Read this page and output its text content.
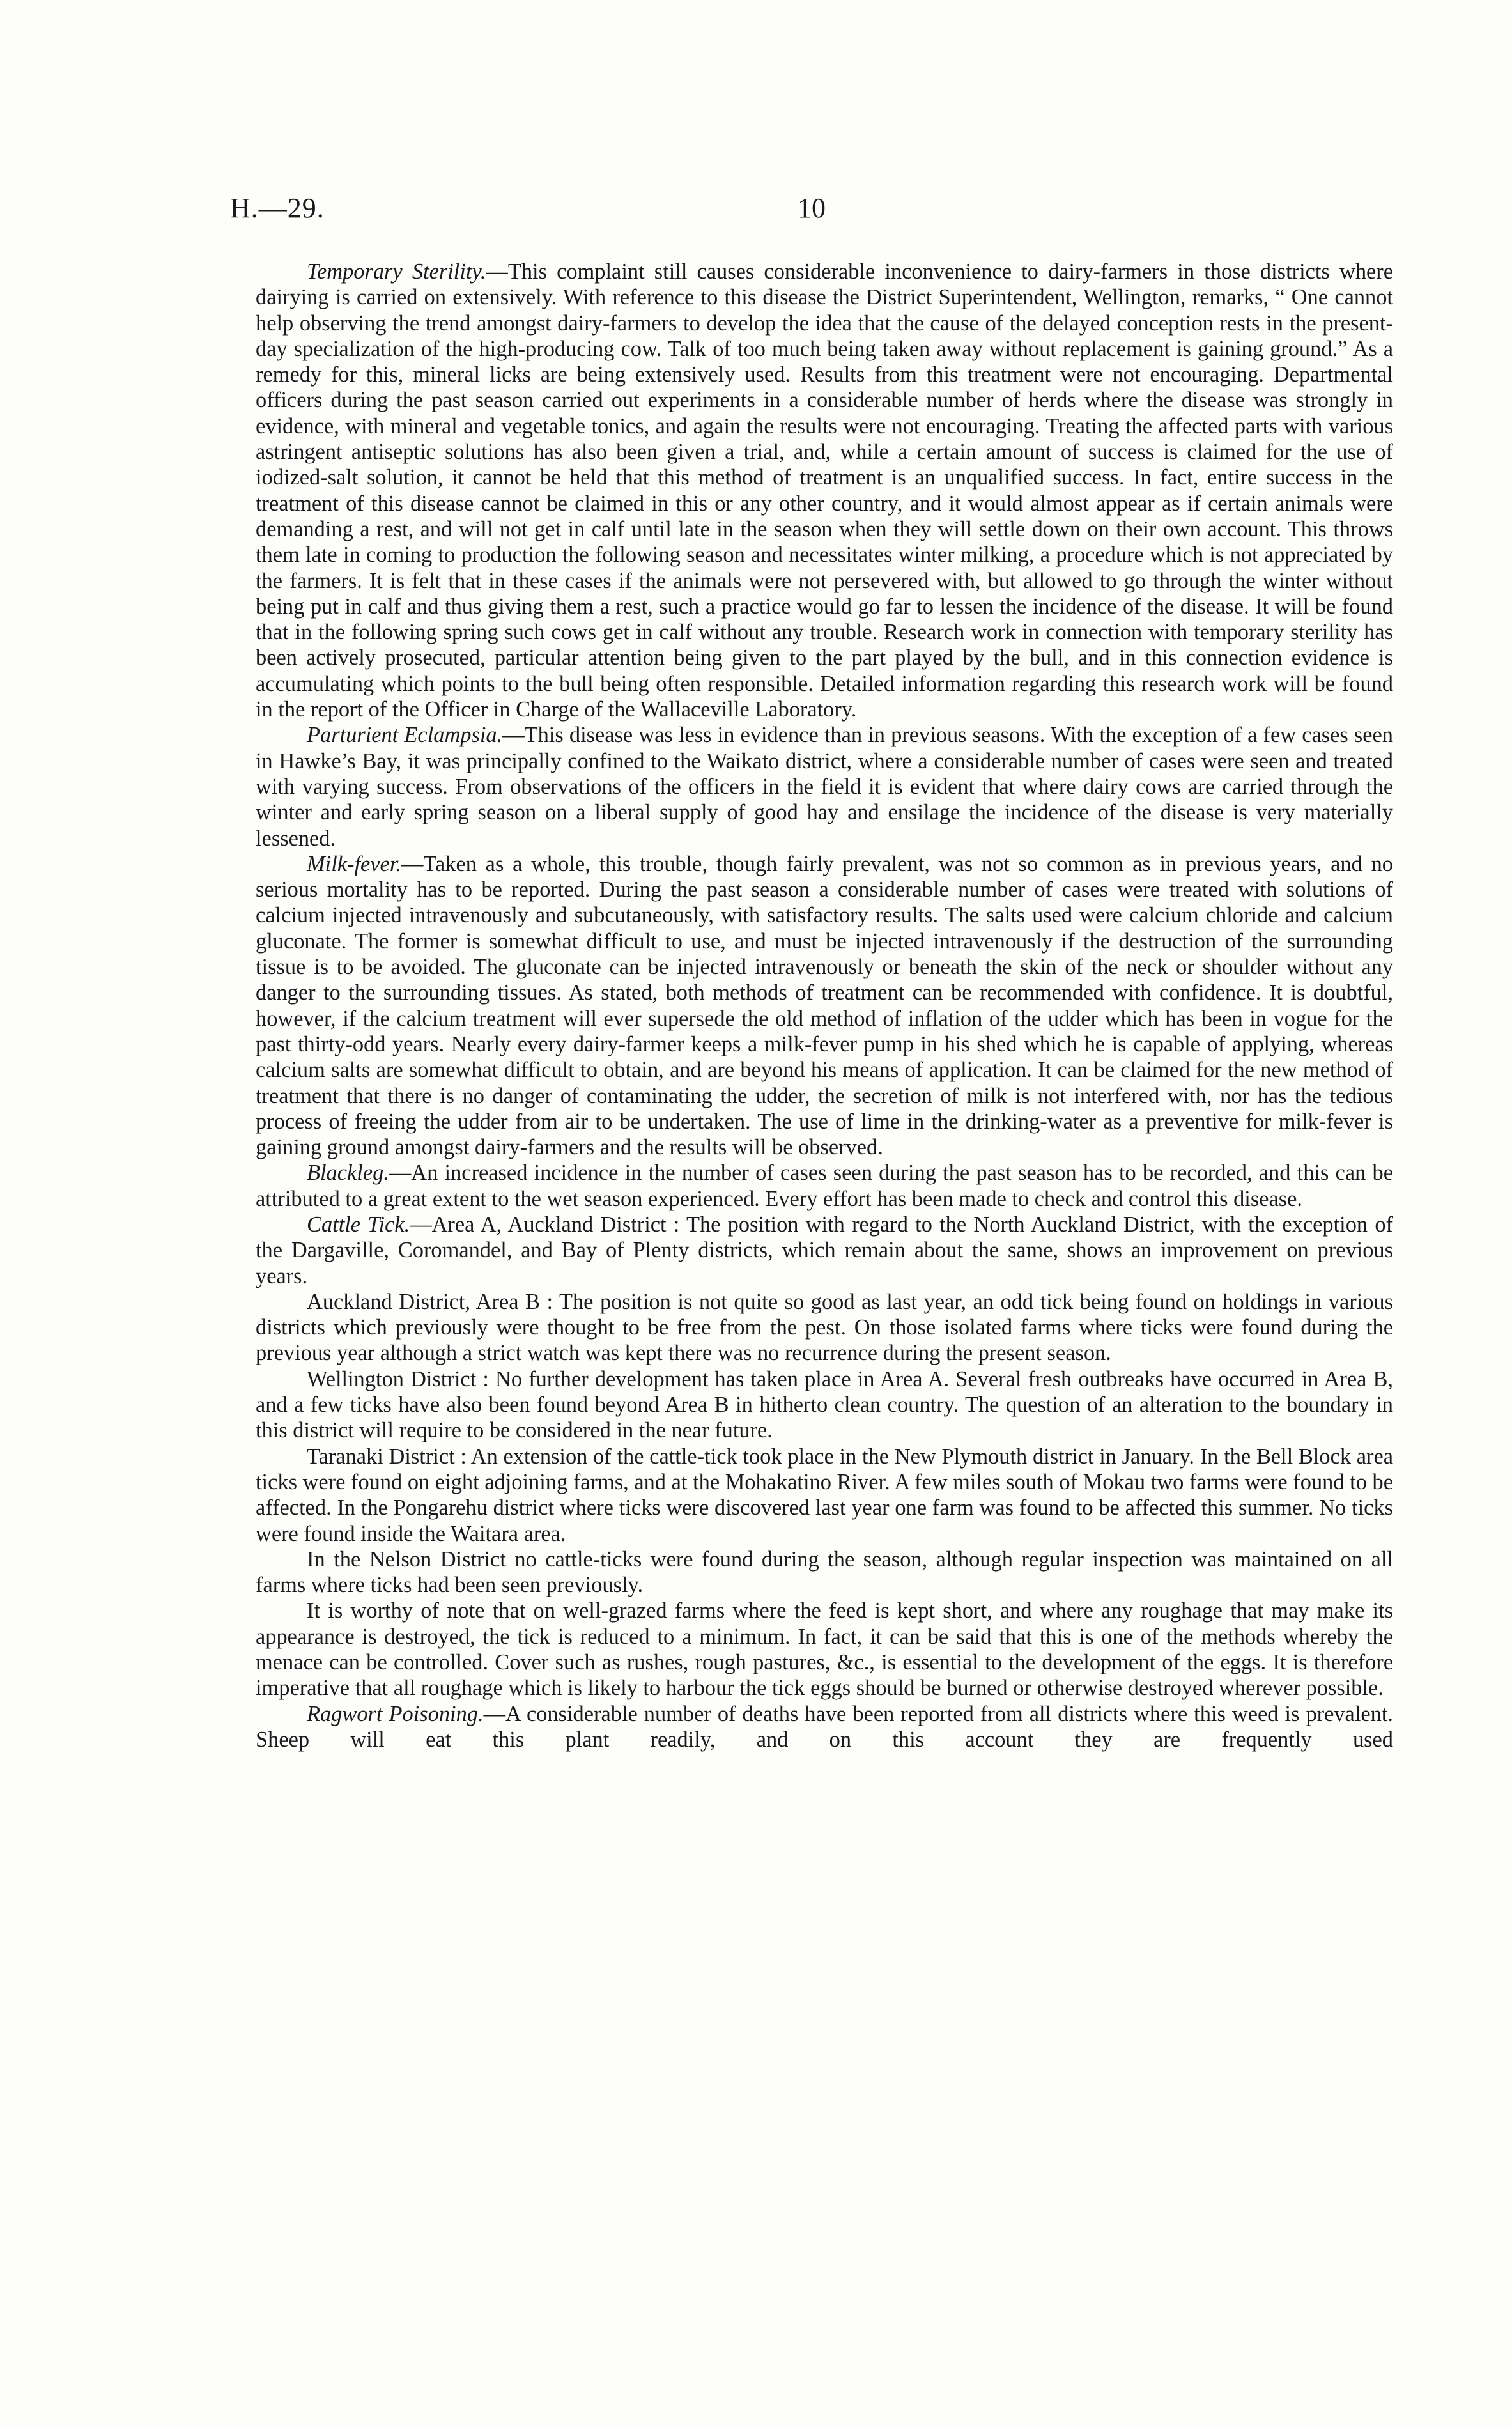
H.—29.	10

Temporary Sterility.—This complaint still causes considerable inconvenience to dairy-farmers in those districts where dairying is carried on extensively. With reference to this disease the District Superintendent, Wellington, remarks, “ One cannot help observing the trend amongst dairy-farmers to develop the idea that the cause of the delayed conception rests in the present-day specialization of the high-producing cow. Talk of too much being taken away without replacement is gaining ground.” As a remedy for this, mineral licks are being extensively used. Results from this treatment were not encouraging. Departmental officers during the past season carried out experiments in a considerable number of herds where the disease was strongly in evidence, with mineral and vegetable tonics, and again the results were not encouraging. Treating the affected parts with various astringent antiseptic solutions has also been given a trial, and, while a certain amount of success is claimed for the use of iodized-salt solution, it cannot be held that this method of treatment is an unqualified success. In fact, entire success in the treatment of this disease cannot be claimed in this or any other country, and it would almost appear as if certain animals were demanding a rest, and will not get in calf until late in the season when they will settle down on their own account. This throws them late in coming to production the following season and necessitates winter milking, a procedure which is not appreciated by the farmers. It is felt that in these cases if the animals were not persevered with, but allowed to go through the winter without being put in calf and thus giving them a rest, such a practice would go far to lessen the incidence of the disease. It will be found that in the following spring such cows get in calf without any trouble. Research work in connection with temporary sterility has been actively prosecuted, particular attention being given to the part played by the bull, and in this connection evidence is accumulating which points to the bull being often responsible. Detailed information regarding this research work will be found in the report of the Officer in Charge of the Wallaceville Laboratory.

Parturient Eclampsia.—This disease was less in evidence than in previous seasons. With the exception of a few cases seen in Hawke’s Bay, it was principally confined to the Waikato district, where a considerable number of cases were seen and treated with varying success. From observations of the officers in the field it is evident that where dairy cows are carried through the winter and early spring season on a liberal supply of good hay and ensilage the incidence of the disease is very materially lessened.

Milk-fever.—Taken as a whole, this trouble, though fairly prevalent, was not so common as in previous years, and no serious mortality has to be reported. During the past season a considerable number of cases were treated with solutions of calcium injected intravenously and subcutaneously, with satisfactory results. The salts used were calcium chloride and calcium gluconate. The former is somewhat difficult to use, and must be injected intravenously if the destruction of the surrounding tissue is to be avoided. The gluconate can be injected intravenously or beneath the skin of the neck or shoulder without any danger to the surrounding tissues. As stated, both methods of treatment can be recommended with confidence. It is doubtful, however, if the calcium treatment will ever supersede the old method of inflation of the udder which has been in vogue for the past thirty-odd years. Nearly every dairy-farmer keeps a milk-fever pump in his shed which he is capable of applying, whereas calcium salts are somewhat difficult to obtain, and are beyond his means of application. It can be claimed for the new method of treatment that there is no danger of contaminating the udder, the secretion of milk is not interfered with, nor has the tedious process of freeing the udder from air to be undertaken. The use of lime in the drinking-water as a preventive for milk-fever is gaining ground amongst dairy-farmers and the results will be observed.

Blackleg.—An increased incidence in the number of cases seen during the past season has to be recorded, and this can be attributed to a great extent to the wet season experienced. Every effort has been made to check and control this disease.

Cattle Tick.—Area A, Auckland District : The position with regard to the North Auckland District, with the exception of the Dargaville, Coromandel, and Bay of Plenty districts, which remain about the same, shows an improvement on previous years.

Auckland District, Area B : The position is not quite so good as last year, an odd tick being found on holdings in various districts which previously were thought to be free from the pest. On those isolated farms where ticks were found during the previous year although a strict watch was kept there was no recurrence during the present season.

Wellington District : No further development has taken place in Area A. Several fresh outbreaks have occurred in Area B, and a few ticks have also been found beyond Area B in hitherto clean country. The question of an alteration to the boundary in this district will require to be considered in the near future.

Taranaki District : An extension of the cattle-tick took place in the New Plymouth district in January. In the Bell Block area ticks were found on eight adjoining farms, and at the Mohakatino River. A few miles south of Mokau two farms were found to be affected. In the Pongarehu district where ticks were discovered last year one farm was found to be affected this summer. No ticks were found inside the Waitara area.

In the Nelson District no cattle-ticks were found during the season, although regular inspection was maintained on all farms where ticks had been seen previously.

It is worthy of note that on well-grazed farms where the feed is kept short, and where any roughage that may make its appearance is destroyed, the tick is reduced to a minimum. In fact, it can be said that this is one of the methods whereby the menace can be controlled. Cover such as rushes, rough pastures, &c., is essential to the development of the eggs. It is therefore imperative that all roughage which is likely to harbour the tick eggs should be burned or otherwise destroyed wherever possible.

Ragwort Poisoning.—A considerable number of deaths have been reported from all districts where this weed is prevalent. Sheep will eat this plant readily, and on this account they are frequently used
